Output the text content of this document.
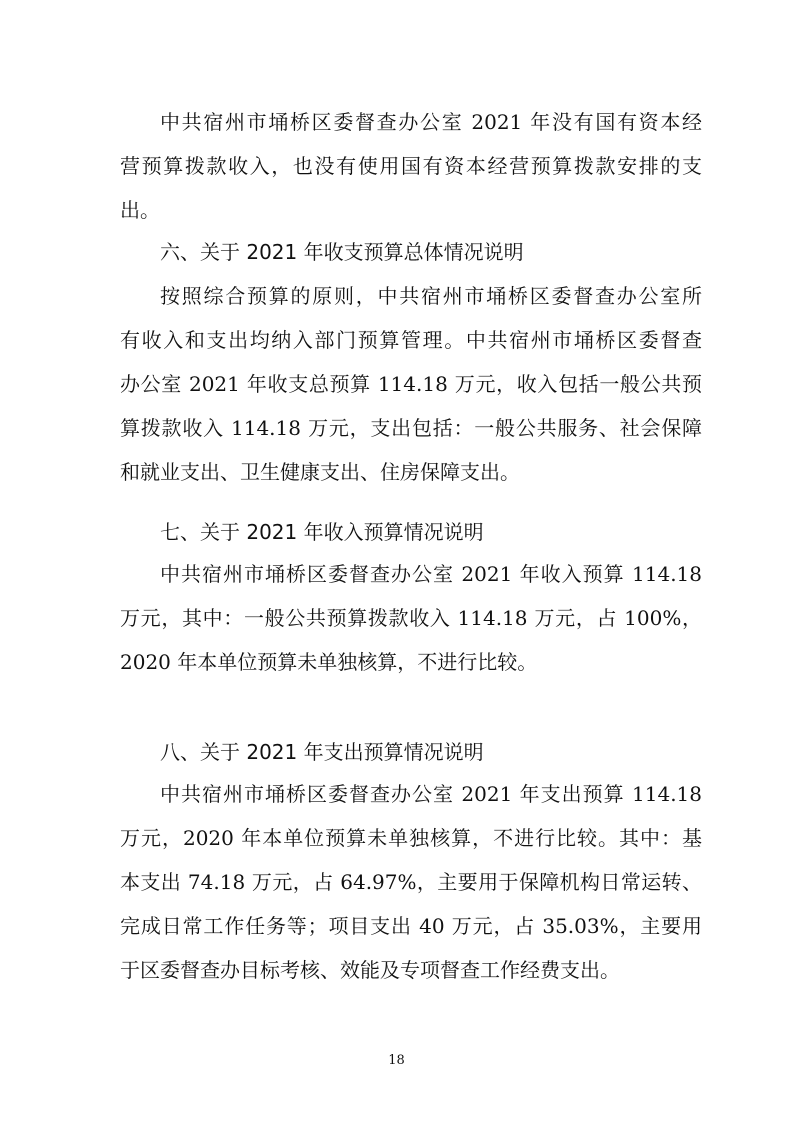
中共宿州市埇桥区委督查办公室 2021 年没有国有资本经
营预算拨款收入，也没有使用国有资本经营预算拨款安排的支
出。
六、关于 2021 年收支预算总体情况说明
按照综合预算的原则，中共宿州市埇桥区委督查办公室所
有收入和支出均纳入部门预算管理。中共宿州市埇桥区委督查
办公室 2021 年收支总预算 114.18 万元，收入包括一般公共预
算拨款收入 114.18 万元，支出包括：一般公共服务、社会保障
和就业支出、卫生健康支出、住房保障支出。
七、关于 2021 年收入预算情况说明
中共宿州市埇桥区委督查办公室 2021 年收入预算 114.18
万元，其中：一般公共预算拨款收入 114.18 万元，占 100%，
2020 年本单位预算未单独核算，不进行比较。
八、关于 2021 年支出预算情况说明
中共宿州市埇桥区委督查办公室 2021 年支出预算 114.18
万元，2020 年本单位预算未单独核算，不进行比较。其中：基
本支出 74.18 万元，占 64.97%，主要用于保障机构日常运转、
完成日常工作任务等；项目支出 40 万元，占 35.03%，主要用
于区委督查办目标考核、效能及专项督查工作经费支出。
18
